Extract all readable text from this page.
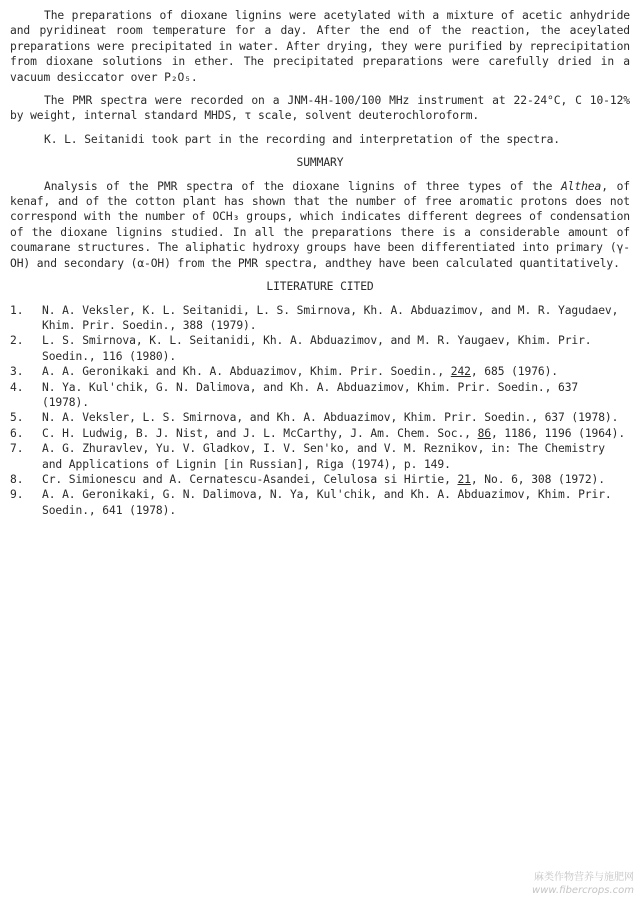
The preparations of dioxane lignins were acetylated with a mixture of acetic anhydride and pyridineat room temperature for a day. After the end of the reaction, the aceylated preparations were precipitated in water. After drying, they were purified by reprecipitation from dioxane solutions in ether. The precipitated preparations were carefully dried in a vacuum desiccator over P₂O₅.

The PMR spectra were recorded on a JNM-4H-100/100 MHz instrument at 22-24°C, C 10-12% by weight, internal standard MHDS, τ scale, solvent deuterochloroform.

K. L. Seitanidi took part in the recording and interpretation of the spectra.

SUMMARY

Analysis of the PMR spectra of the dioxane lignins of three types of the Althea, of kenaf, and of the cotton plant has shown that the number of free aromatic protons does not correspond with the number of OCH₃ groups, which indicates different degrees of condensation of the dioxane lignins studied. In all the preparations there is a considerable amount of coumarane structures. The aliphatic hydroxy groups have been differentiated into primary (γ-OH) and secondary (α-OH) from the PMR spectra, andthey have been calculated quantitatively.

LITERATURE CITED

1.	N. A. Veksler, K. L. Seitanidi, L. S. Smirnova, Kh. A. Abduazimov, and M. R. Yagudaev, Khim. Prir. Soedin., 388 (1979).
2.	L. S. Smirnova, K. L. Seitanidi, Kh. A. Abduazimov, and M. R. Yaugaev, Khim. Prir. Soedin., 116 (1980).
3.	A. A. Geronikaki and Kh. A. Abduazimov, Khim. Prir. Soedin., 242, 685 (1976).
4.	N. Ya. Kul'chik, G. N. Dalimova, and Kh. A. Abduazimov, Khim. Prir. Soedin., 637 (1978).
5.	N. A. Veksler, L. S. Smirnova, and Kh. A. Abduazimov, Khim. Prir. Soedin., 637 (1978).
6.	C. H. Ludwig, B. J. Nist, and J. L. McCarthy, J. Am. Chem. Soc., 86, 1186, 1196 (1964).
7.	A. G. Zhuravlev, Yu. V. Gladkov, I. V. Sen'ko, and V. M. Reznikov, in: The Chemistry and Applications of Lignin [in Russian], Riga (1974), p. 149.
8.	Cr. Simionescu and A. Cernatescu-Asandei, Celulosa si Hirtie, 21, No. 6, 308 (1972).
9.	A. A. Geronikaki, G. N. Dalimova, N. Ya, Kul'chik, and Kh. A. Abduazimov, Khim. Prir. Soedin., 641 (1978).
麻类作物营养与施肥网
www.fibercrops.com
